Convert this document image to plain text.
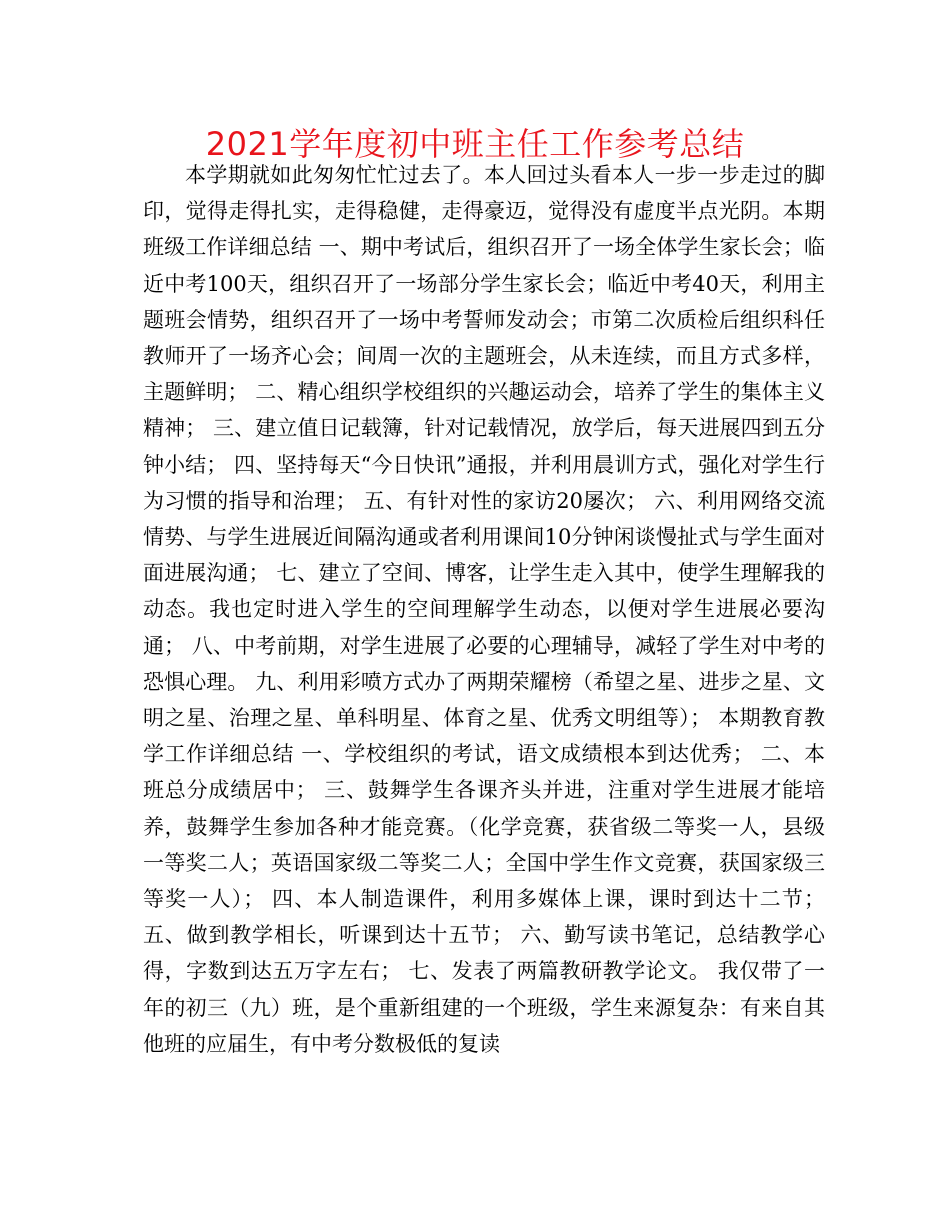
2021学年度初中班主任工作参考总结

本学期就如此匆匆忙忙过去了。本人回过头看本人一步一步走过的脚印，觉得走得扎实，走得稳健，走得豪迈，觉得没有虚度半点光阴。本期班级工作详细总结 一、期中考试后，组织召开了一场全体学生家长会；临近中考100天，组织召开了一场部分学生家长会；临近中考40天，利用主题班会情势，组织召开了一场中考誓师发动会；市第二次质检后组织科任教师开了一场齐心会；间周一次的主题班会，从未连续，而且方式多样，主题鲜明； 二、精心组织学校组织的兴趣运动会，培养了学生的集体主义精神； 三、建立值日记载簿，针对记载情况，放学后，每天进展四到五分钟小结； 四、坚持每天“今日快讯”通报，并利用晨训方式，强化对学生行为习惯的指导和治理； 五、有针对性的家访20屡次； 六、利用网络交流情势、与学生进展近间隔沟通或者利用课间10分钟闲谈慢扯式与学生面对面进展沟通； 七、建立了空间、博客，让学生走入其中，使学生理解我的动态。我也定时进入学生的空间理解学生动态，以便对学生进展必要沟通； 八、中考前期，对学生进展了必要的心理辅导，减轻了学生对中考的恐惧心理。 九、利用彩喷方式办了两期荣耀榜（希望之星、进步之星、文明之星、治理之星、单科明星、体育之星、优秀文明组等）； 本期教育教学工作详细总结 一、学校组织的考试，语文成绩根本到达优秀； 二、本班总分成绩居中； 三、鼓舞学生各课齐头并进，注重对学生进展才能培养，鼓舞学生参加各种才能竞赛。（化学竞赛，获省级二等奖一人，县级一等奖二人；英语国家级二等奖二人；全国中学生作文竞赛，获国家级三等奖一人）； 四、本人制造课件，利用多媒体上课，课时到达十二节； 五、做到教学相长，听课到达十五节； 六、勤写读书笔记，总结教学心得，字数到达五万字左右； 七、发表了两篇教研教学论文。 我仅带了一年的初三（九）班，是个重新组建的一个班级，学生来源复杂：有来自其他班的应届生，有中考分数极低的复读
